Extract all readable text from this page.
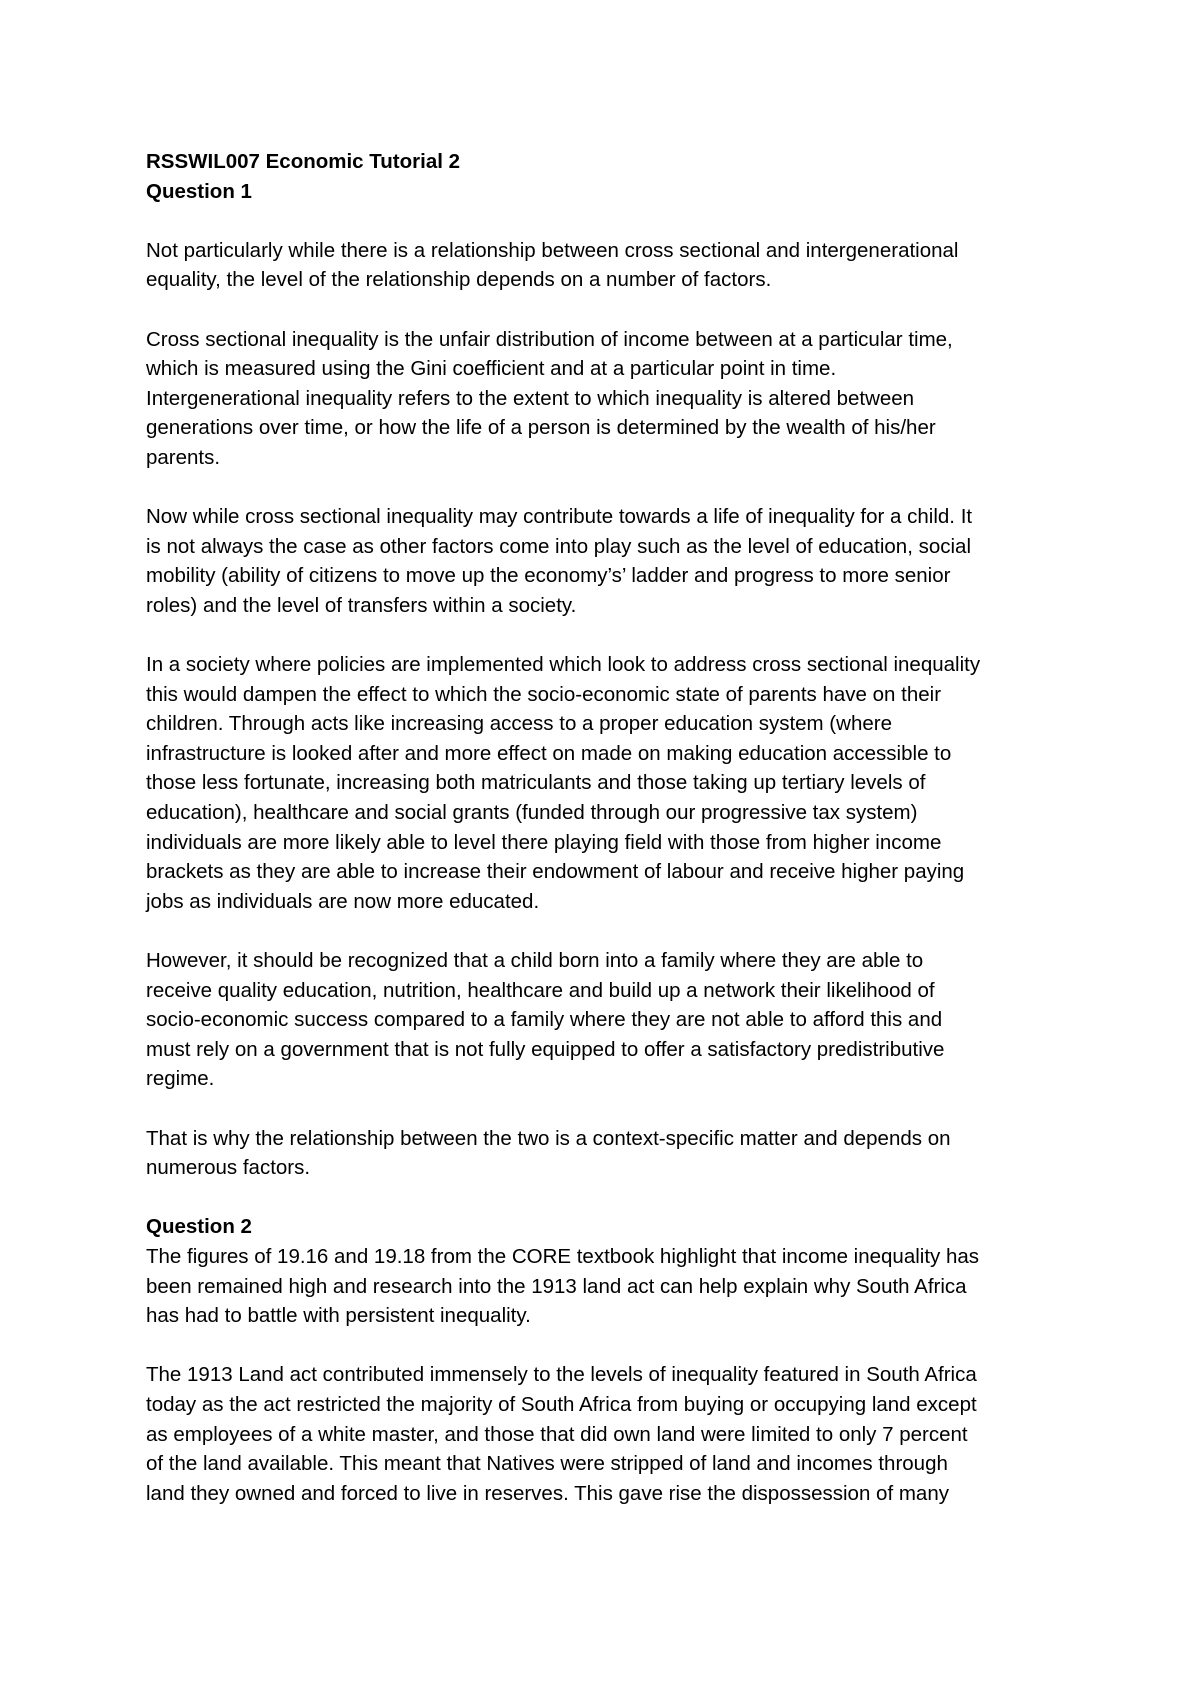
RSSWIL007 Economic Tutorial 2
Question 1
Not particularly while there is a relationship between cross sectional and intergenerational
equality, the level of the relationship depends on a number of factors.
Cross sectional inequality is the unfair distribution of income between at a particular time,
which is measured using the Gini coefficient and at a particular point in time.
Intergenerational inequality refers to the extent to which inequality is altered between
generations over time, or how the life of a person is determined by the wealth of his/her
parents.
Now while cross sectional inequality may contribute towards a life of inequality for a child. It
is not always the case as other factors come into play such as the level of education, social
mobility (ability of citizens to move up the economy’s’ ladder and progress to more senior
roles) and the level of transfers within a society.
In a society where policies are implemented which look to address cross sectional inequality
this would dampen the effect to which the socio-economic state of parents have on their
children. Through acts like increasing access to a proper education system (where
infrastructure is looked after and more effect on made on making education accessible to
those less fortunate, increasing both matriculants and those taking up tertiary levels of
education), healthcare and social grants (funded through our progressive tax system)
individuals are more likely able to level there playing field with those from higher income
brackets as they are able to increase their endowment of labour and receive higher paying
jobs as individuals are now more educated.
However, it should be recognized that a child born into a family where they are able to
receive quality education, nutrition, healthcare and build up a network their likelihood of
socio-economic success compared to a family where they are not able to afford this and
must rely on a government that is not fully equipped to offer a satisfactory predistributive
regime.
That is why the relationship between the two is a context-specific matter and depends on
numerous factors.
Question 2
The figures of 19.16 and 19.18 from the CORE textbook highlight that income inequality has
been remained high and research into the 1913 land act can help explain why South Africa
has had to battle with persistent inequality.
The 1913 Land act contributed immensely to the levels of inequality featured in South Africa
today as the act restricted the majority of South Africa from buying or occupying land except
as employees of a white master, and those that did own land were limited to only 7 percent
of the land available. This meant that Natives were stripped of land and incomes through
land they owned and forced to live in reserves. This gave rise the dispossession of many
